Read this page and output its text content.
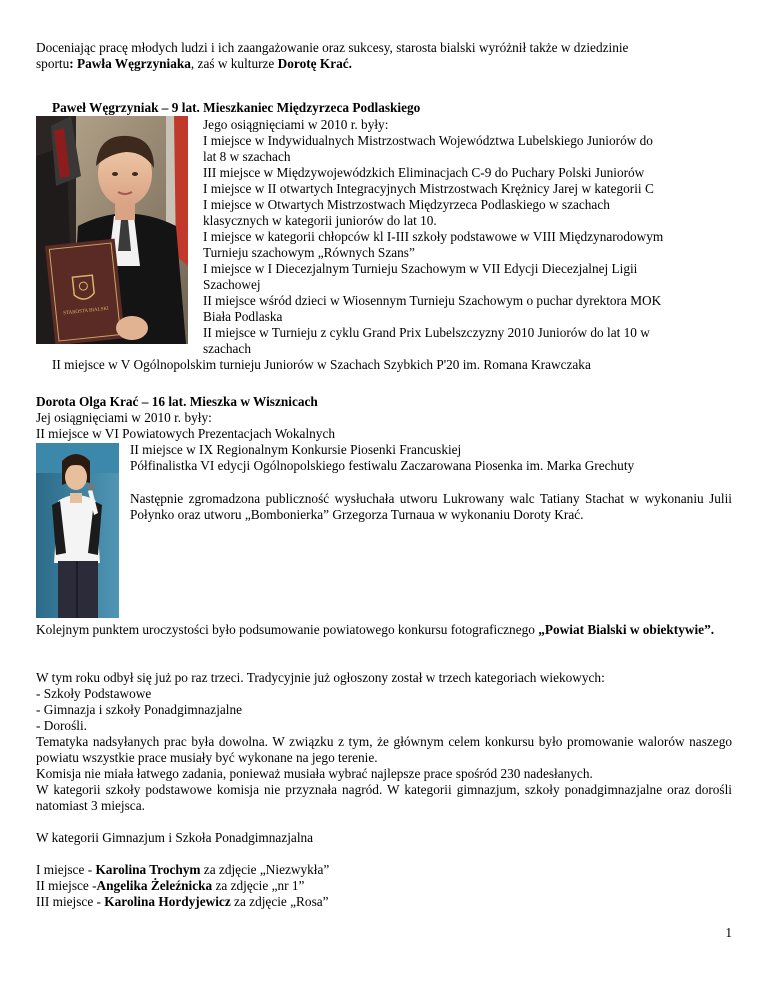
Doceniając pracę młodych ludzi i ich zaangażowanie oraz sukcesy, starosta bialski wyróżnił także w dziedzinie
sportu: Pawła Węgrzyniaka, zaś w kulturze Dorotę Krać.
Paweł Węgrzyniak – 9 lat. Mieszkaniec Międzyrzeca Podlaskiego
STAROSTA BIALSKI
Jego osiągnięciami w 2010 r. były:
I miejsce w Indywidualnych Mistrzostwach Województwa Lubelskiego Juniorów do
lat 8 w szachach
III miejsce w Międzywojewódzkich Eliminacjach C-9 do Puchary Polski Juniorów
I miejsce w II otwartych Integracyjnych Mistrzostwach Krężnicy Jarej w kategorii C
I miejsce w Otwartych Mistrzostwach Międzyrzeca Podlaskiego w szachach
klasycznych w kategorii juniorów do lat 10.
I miejsce w kategorii chłopców kl I-III szkoły podstawowe w VIII Międzynarodowym
Turnieju szachowym „Równych Szans”
I miejsce w I Diecezjalnym Turnieju Szachowym w VII Edycji Diecezjalnej Ligii
Szachowej
II miejsce wśród dzieci w Wiosennym Turnieju Szachowym o puchar dyrektora MOK
Biała Podlaska
II miejsce w Turnieju z cyklu Grand Prix Lubelszczyzny 2010 Juniorów do lat 10 w
szachach
II miejsce w V Ogólnopolskim turnieju Juniorów w Szachach Szybkich P'20 im. Romana Krawczaka
Dorota Olga Krać – 16 lat. Mieszka w Wisznicach
Jej osiągnięciami w 2010 r. były:
II miejsce w VI Powiatowych Prezentacjach Wokalnych
II miejsce w IX Regionalnym Konkursie Piosenki Francuskiej
Półfinalistka VI edycji Ogólnopolskiego festiwalu Zaczarowana Piosenka im. Marka Grechuty
Następnie zgromadzona publiczność wysłuchała utworu Lukrowany walc Tatiany Stachat w wykonaniu Julii Połynko oraz utworu „Bombonierka” Grzegorza Turnaua w wykonaniu Doroty Krać.
Kolejnym punktem uroczystości było podsumowanie powiatowego konkursu fotograficznego „Powiat Bialski w obiektywie”.
W tym roku odbył się już po raz trzeci. Tradycyjnie już ogłoszony został w trzech kategoriach wiekowych:
- Szkoły Podstawowe
- Gimnazja i szkoły Ponadgimnazjalne
- Dorośli.
Tematyka nadsyłanych prac była dowolna. W związku z tym, że głównym celem konkursu było promowanie walorów naszego powiatu wszystkie prace musiały być wykonane na jego terenie.
Komisja nie miała łatwego zadania, ponieważ musiała wybrać najlepsze prace spośród 230 nadesłanych.
W kategorii szkoły podstawowe komisja nie przyznała nagród. W kategorii gimnazjum, szkoły ponadgimnazjalne oraz dorośli natomiast 3 miejsca.
W kategorii Gimnazjum i Szkoła Ponadgimnazjalna
I miejsce - Karolina Trochym za zdjęcie „Niezwykła”
II miejsce -Angelika Żeleźnicka za zdjęcie „nr 1”
III miejsce - Karolina Hordyjewicz za zdjęcie „Rosa”
1
